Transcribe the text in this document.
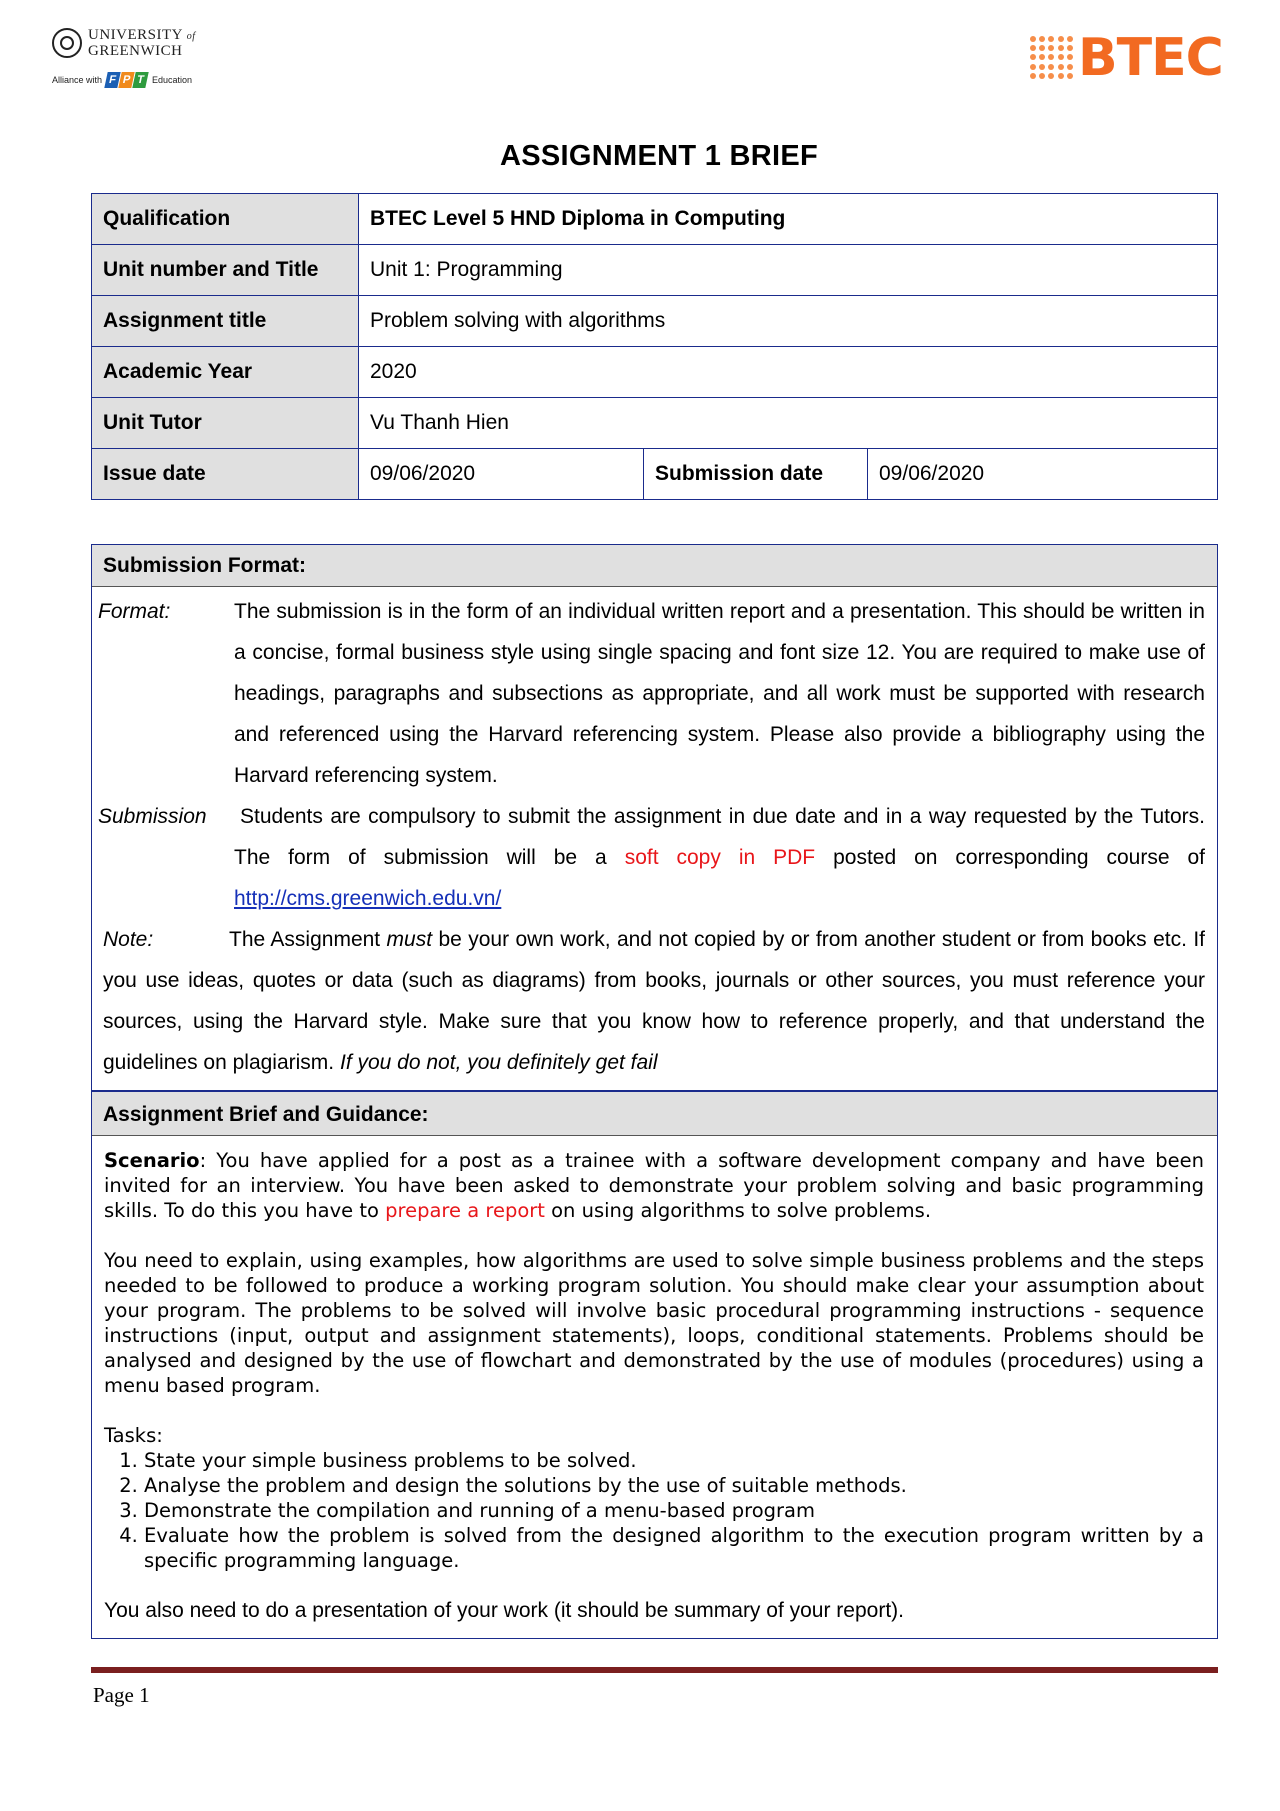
UNIVERSITY of
GREENWICH
Alliance with F P T Education	BTEC
ASSIGNMENT 1 BRIEF
Qualification	BTEC Level 5 HND Diploma in Computing		
Unit number and Title	Unit 1: Programming		
Assignment title	Problem solving with algorithms		
Academic Year	2020		
Unit Tutor	Vu Thanh Hien		
Issue date	09/06/2020	Submission date	09/06/2020
Submission Format:
Format:	The submission is in the form of an individual written report and a presentation. This should be written in a concise, formal business style using single spacing and font size 12. You are required to make use of headings, paragraphs and subsections as appropriate, and all work must be supported with research and referenced using the Harvard referencing system. Please also provide a bibliography using the Harvard referencing system.
Submission Students are compulsory to submit the assignment in due date and in a way requested by the Tutors. The form of submission will be a soft copy in PDF posted on corresponding course of http://cms.greenwich.edu.vn/
Note:	The Assignment must be your own work, and not copied by or from another student or from books etc. If you use ideas, quotes or data (such as diagrams) from books, journals or other sources, you must reference your sources, using the Harvard style. Make sure that you know how to reference properly, and that understand the guidelines on plagiarism. If you do not, you definitely get fail
Assignment Brief and Guidance:

Scenario: You have applied for a post as a trainee with a software development company and have been invited for an interview. You have been asked to demonstrate your problem solving and basic programming skills. To do this you have to prepare a report on using algorithms to solve problems.

You need to explain, using examples, how algorithms are used to solve simple business problems and the steps needed to be followed to produce a working program solution. You should make clear your assumption about your program. The problems to be solved will involve basic procedural programming instructions - sequence instructions (input, output and assignment statements), loops, conditional statements. Problems should be analysed and designed by the use of flowchart and demonstrated by the use of modules (procedures) using a menu based program.

Tasks:
1. State your simple business problems to be solved.
2. Analyse the problem and design the solutions by the use of suitable methods.
3. Demonstrate the compilation and running of a menu-based program
4. Evaluate how the problem is solved from the designed algorithm to the execution program written by a specific programming language.

You also need to do a presentation of your work (it should be summary of your report).

Page 1
